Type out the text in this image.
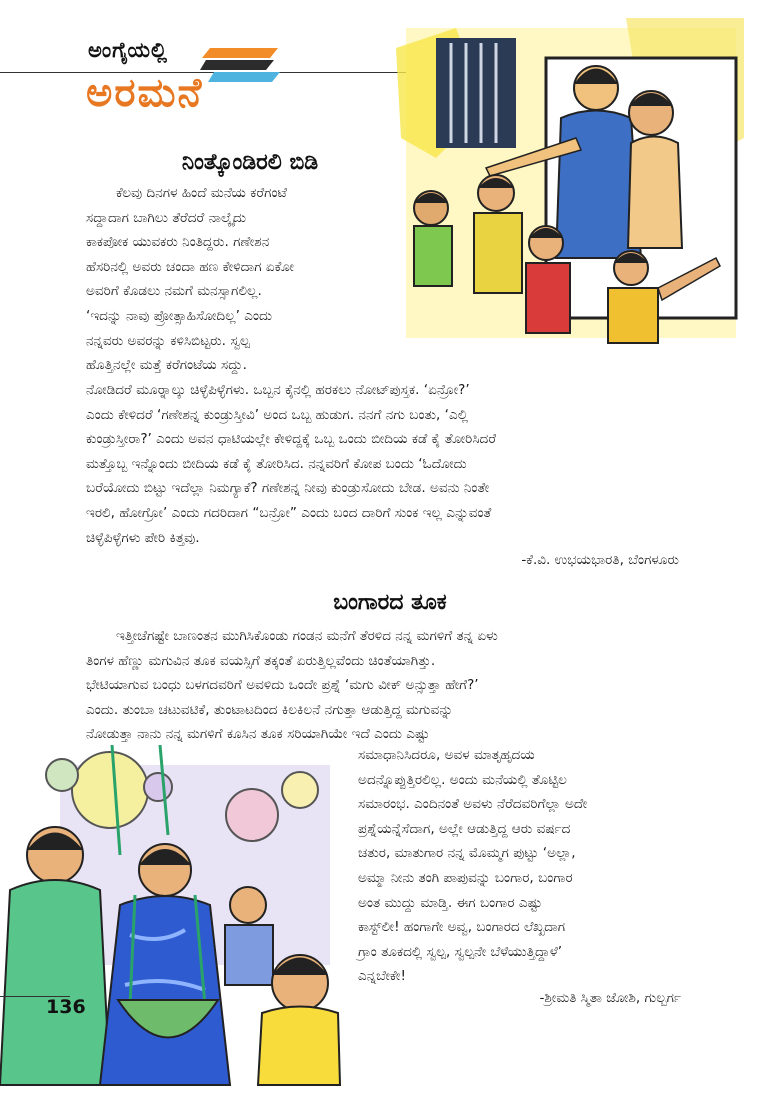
ಅಂಗೈಯಲ್ಲಿ
ಅರಮನೆ
ನಿಂತ್ಕೊಂಡಿರಲಿ ಬಿಡಿ

ಕೆಲವು ದಿನಗಳ ಹಿಂದೆ ಮನೆಯ ಕರೆಗಂಟೆ

ಸದ್ದಾದಾಗ ಬಾಗಿಲು ತೆರೆದರೆ ನಾಲ್ಕೈದು

ಕಾಕಪೋಕ ಯುವಕರು ನಿಂತಿದ್ದರು. ಗಣೇಶನ

ಹೆಸರಿನಲ್ಲಿ ಅವರು ಚಂದಾ ಹಣ ಕೇಳಿದಾಗ ಏಕೋ

ಅವರಿಗೆ ಕೊಡಲು ನಮಗೆ ಮನಸ್ಸಾಗಲಿಲ್ಲ.

‘ಇದನ್ನು ನಾವು ಪ್ರೋತ್ಸಾಹಿಸೋದಿಲ್ಲ’ ಎಂದು

ನನ್ನವರು ಅವರನ್ನು ಕಳಿಸಿಬಿಟ್ಟರು. ಸ್ವಲ್ಪ

ಹೊತ್ತಿನಲ್ಲೇ ಮತ್ತೆ ಕರೆಗಂಟೆಯ ಸದ್ದು.

ನೋಡಿದರೆ ಮೂರ್‍ನಾಲ್ಕು ಚಿಳ್ಳೆಪಿಳ್ಳೆಗಳು. ಒಬ್ಬನ ಕೈನಲ್ಲಿ ಹರಕಲು ನೋಟ್‌ಪುಸ್ತಕ. ‘ಏನ್ರೋ?’

ಎಂದು ಕೇಳಿದರೆ ‘ಗಣೇಶನ್ನ ಕುಂಡ್ರುಸ್ತೀವಿ’ ಅಂದ ಒಬ್ಬ ಹುಡುಗ. ನನಗೆ ನಗು ಬಂತು, ‘ಎಲ್ಲಿ

ಕುಂಡ್ರುಸ್ತೀರಾ?’ ಎಂದು ಅವನ ಧಾಟಿಯಲ್ಲೇ ಕೇಳಿದ್ದಕ್ಕೆ ಒಬ್ಬ ಒಂದು ಬೀದಿಯ ಕಡೆ ಕೈ ತೋರಿಸಿದರೆ

ಮತ್ತೊಬ್ಬ ಇನ್ನೊಂದು ಬೀದಿಯ ಕಡೆ ಕೈ ತೋರಿಸಿದ. ನನ್ನವರಿಗೆ ಕೋಪ ಬಂದು ‘ಓದೋದು

ಬರೆಯೋದು ಬಿಟ್ಟು ಇದೆಲ್ಲಾ ನಿಮಗ್ಯಾಕೆ? ಗಣೇಶನ್ನ ನೀವು ಕುಂಡ್ರುಸೋದು ಬೇಡ. ಅವನು ನಿಂತೇ

ಇರಲಿ, ಹೋಗ್ರೋ’ ಎಂದು ಗದರಿದಾಗ “ಬನ್ರೋ” ಎಂದು ಬಂದ ದಾರಿಗೆ ಸುಂಕ ಇಲ್ಲ ಎನ್ನುವಂತೆ

ಚಿಳ್ಳೆಪಿಳ್ಳೆಗಳು ಪೇರಿ ಕಿತ್ತವು.

-ಕೆ.ವಿ. ಉಭಯಭಾರತಿ, ಬೆಂಗಳೂರು
ಬಂಗಾರದ ತೂಕ

ಇತ್ತೀಚೆಗಷ್ಟೇ ಬಾಣಂತನ ಮುಗಿಸಿಕೊಂಡು ಗಂಡನ ಮನೆಗೆ ತೆರಳಿದ ನನ್ನ ಮಗಳಿಗೆ ತನ್ನ ಏಳು

ತಿಂಗಳ ಹೆಣ್ಣು ಮಗುವಿನ ತೂಕ ವಯಸ್ಸಿಗೆ ತಕ್ಕಂತೆ ಏರುತ್ತಿಲ್ಲವೆಂದು ಚಿಂತೆಯಾಗಿತ್ತು.

ಭೇಟಿಯಾಗುವ ಬಂಧು ಬಳಗದವರಿಗೆ ಅವಳಿದು ಒಂದೇ ಪ್ರಶ್ನೆ ‘ಮಗು ವೀಕ್ ಅನ್ಸುತ್ತಾ ಹೇಗೆ?’

ಎಂದು. ತುಂಬಾ ಚಟುವಟಿಕೆ, ತುಂಟಾಟದಿಂದ ಕಿಲಕಿಲನೆ ನಗುತ್ತಾ ಆಡುತ್ತಿದ್ದ ಮಗುವನ್ನು

ನೋಡುತ್ತಾ ನಾನು ನನ್ನ ಮಗಳಿಗೆ ಕೂಸಿನ ತೂಕ ಸರಿಯಾಗಿಯೇ ಇದೆ ಎಂದು ಎಷ್ಟು

ಸಮಾಧಾನಿಸಿದರೂ, ಅವಳ ಮಾತೃಹೃದಯ

ಅದನ್ನೊಪ್ಪುತ್ತಿರಲಿಲ್ಲ. ಅಂದು ಮನೆಯಲ್ಲಿ ತೊಟ್ಟಿಲ

ಸಮಾರಂಭ. ಎಂದಿನಂತೆ ಅವಳು ನೆರೆದವರಿಗೆಲ್ಲಾ ಅದೇ

ಪ್ರಶ್ನೆಯನ್ನೆಸೆದಾಗ, ಅಲ್ಲೇ ಆಡುತ್ತಿದ್ದ ಆರು ವರ್ಷದ

ಚತುರ, ಮಾತುಗಾರ ನನ್ನ ಮೊಮ್ಮಗ ಪುಟ್ಟು ‘ಅಲ್ಲಾ,

ಅಮ್ಮಾ ನೀನು ತಂಗಿ ಪಾಪುವನ್ನು ಬಂಗಾರ, ಬಂಗಾರ

ಅಂತ ಮುದ್ದು ಮಾಡ್ತಿ. ಈಗ ಬಂಗಾರ ಎಷ್ಟು

ಕಾಸ್ಟ್‌ಲೀ! ಹಂಗಾಗೇ ಅವ್ವ, ಬಂಗಾರದ ಲೆಖ್ಖದಾಗ

ಗ್ರಾಂ ತೂಕದಲ್ಲಿ ಸ್ವಲ್ಪ, ಸ್ವಲ್ಪನೇ ಬೆಳೆಯುತ್ತಿದ್ದಾಳೆ’

ಎನ್ನಬೇಕೇ!

-ಶ್ರೀಮತಿ ಸ್ಮಿತಾ ಜೋಶಿ, ಗುಲ್ಬರ್ಗ
136
